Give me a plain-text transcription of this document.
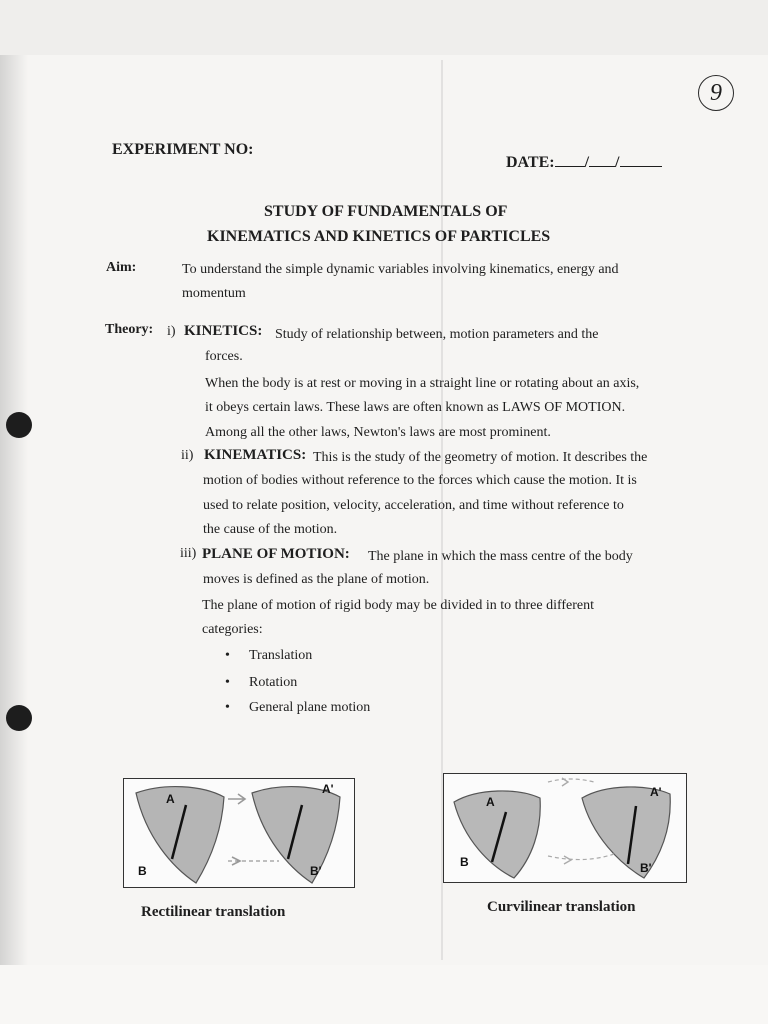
9
EXPERIMENT NO:
DATE: / /
STUDY OF FUNDAMENTALS OF
KINEMATICS AND KINETICS OF PARTICLES
Aim:	To understand the simple dynamic variables involving kinematics, energy and
momentum
Theory: i) KINETICS: Study of relationship between, motion parameters and the
forces.
When the body is at rest or moving in a straight line or rotating about an axis,
it obeys certain laws. These laws are often known as LAWS OF MOTION.
Among all the other laws, Newton's laws are most prominent.
ii) KINEMATICS: This is the study of the geometry of motion. It describes the
motion of bodies without reference to the forces which cause the motion. It is
used to relate position, velocity, acceleration, and time without reference to
the cause of the motion.
iii) PLANE OF MOTION: The plane in which the mass centre of the body
moves is defined as the plane of motion.
The plane of motion of rigid body may be divided in to three different
categories:
• Translation
• Rotation
• General plane motion
A
B
A'
B'
Rectilinear translation
A
B
A'
B'
Curvilinear translation
